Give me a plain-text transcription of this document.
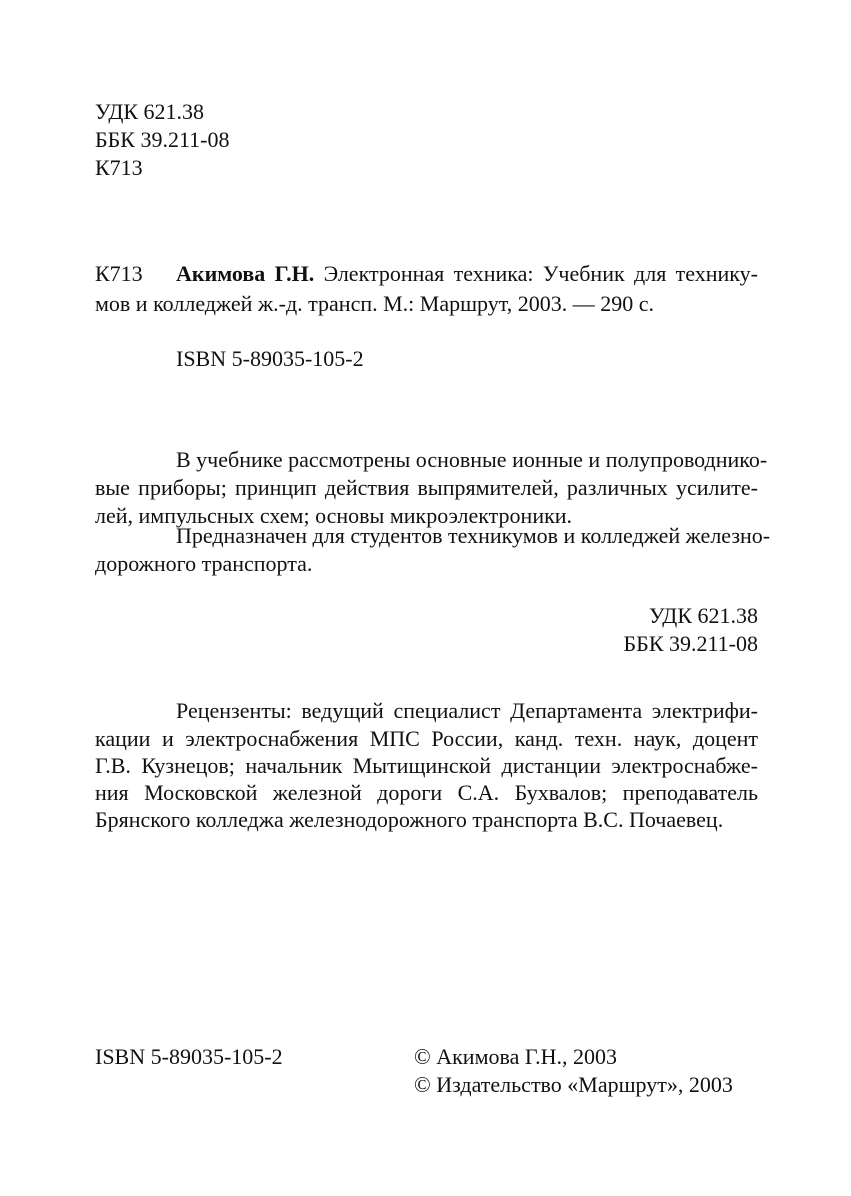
УДК 621.38
ББК 39.211-08
К713
К713 Акимова Г.Н. Электронная техника: Учебник для технику-
мов и колледжей ж.-д. трансп. М.: Маршрут, 2003. — 290 с.
ISBN 5-89035-105-2
В учебнике рассмотрены основные ионные и полупроводнико-
вые приборы; принцип действия выпрямителей, различных усилите-
лей, импульсных схем; основы микроэлектроники.
Предназначен для студентов техникумов и колледжей железно-
дорожного транспорта.
УДК 621.38
ББК 39.211-08
Рецензенты: ведущий специалист Департамента электрифи-
кации и электроснабжения МПС России, канд. техн. наук, доцент
Г.В. Кузнецов; начальник Мытищинской дистанции электроснабже-
ния Московской железной дороги С.А. Бухвалов; преподаватель
Брянского колледжа железнодорожного транспорта В.С. Почаевец.
ISBN 5-89035-105-2	© Акимова Г.Н., 2003
© Издательство «Маршрут», 2003
